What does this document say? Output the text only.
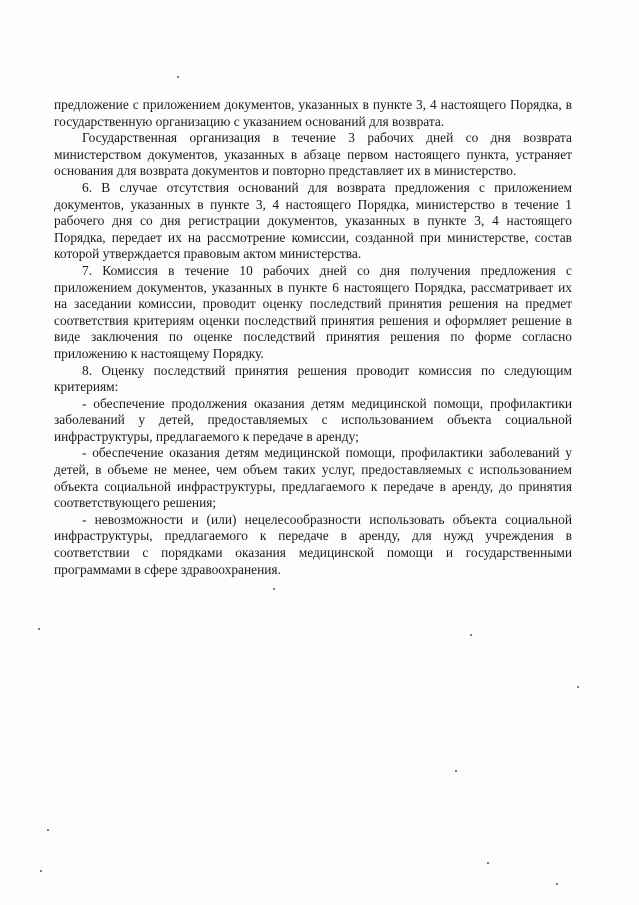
предложение с приложением документов, указанных в пункте 3, 4 настоящего Порядка, в государственную организацию с указанием оснований для возврата.

Государственная организация в течение 3 рабочих дней со дня возврата министерством документов, указанных в абзаце первом настоящего пункта, устраняет основания для возврата документов и повторно представляет их в министерство.

6. В случае отсутствия оснований для возврата предложения с приложением документов, указанных в пункте 3, 4 настоящего Порядка, министерство в течение 1 рабочего дня со дня регистрации документов, указанных в пункте 3, 4 настоящего Порядка, передает их на рассмотрение комиссии, созданной при министерстве, состав которой утверждается правовым актом министерства.

7. Комиссия в течение 10 рабочих дней со дня получения предложения с приложением документов, указанных в пункте 6 настоящего Порядка, рассматривает их на заседании комиссии, проводит оценку последствий принятия решения на предмет соответствия критериям оценки последствий принятия решения и оформляет решение в виде заключения по оценке последствий принятия решения по форме согласно приложению к настоящему Порядку.

8. Оценку последствий принятия решения проводит комиссия по следующим критериям:

- обеспечение продолжения оказания детям медицинской помощи, профилактики заболеваний у детей, предоставляемых с использованием объекта социальной инфраструктуры, предлагаемого к передаче в аренду;

- обеспечение оказания детям медицинской помощи, профилактики заболеваний у детей, в объеме не менее, чем объем таких услуг, предоставляемых с использованием объекта социальной инфраструктуры, предлагаемого к передаче в аренду, до принятия соответствующего решения;

- невозможности и (или) нецелесообразности использовать объекта социальной инфраструктуры, предлагаемого к передаче в аренду, для нужд учреждения в соответствии с порядками оказания медицинской помощи и государственными программами в сфере здравоохранения.
